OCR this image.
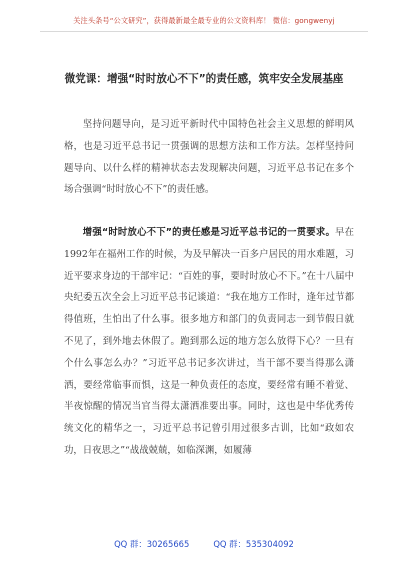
关注头条号“公文研究”，获得最新最全最专业的公文资料库！ 微信：gongwenyj
微党课：增强“时时放心不下”的责任感，筑牢安全发展基座

坚持问题导向，是习近平新时代中国特色社会主义思想的鲜明风格，也是习近平总书记一贯强调的思想方法和工作方法。怎样坚持问题导向、以什么样的精神状态去发现解决问题，习近平总书记在多个场合强调“时时放心不下”的责任感。

增强“时时放心不下”的责任感是习近平总书记的一贯要求。早在1992年在福州工作的时候，为及早解决一百多户居民的用水难题，习近平要求身边的干部牢记：“百姓的事，要时时放心不下。”在十八届中央纪委五次全会上习近平总书记谈道：“我在地方工作时，逢年过节都得值班，生怕出了什么事。很多地方和部门的负责同志一到节假日就不见了，到外地去休假了。跑到那么远的地方怎么放得下心？一旦有个什么事怎么办？”习近平总书记多次讲过，当干部不要当得那么潇洒，要经常临事而惧，这是一种负责任的态度，要经常有睡不着觉、半夜惊醒的情况当官当得太潇洒准要出事。同时，这也是中华优秀传统文化的精华之一，习近平总书记曾引用过很多古训，比如“政如农功，日夜思之”“战战兢兢，如临深渊，如履薄

QQ 群：30265665	QQ 群：535304092
